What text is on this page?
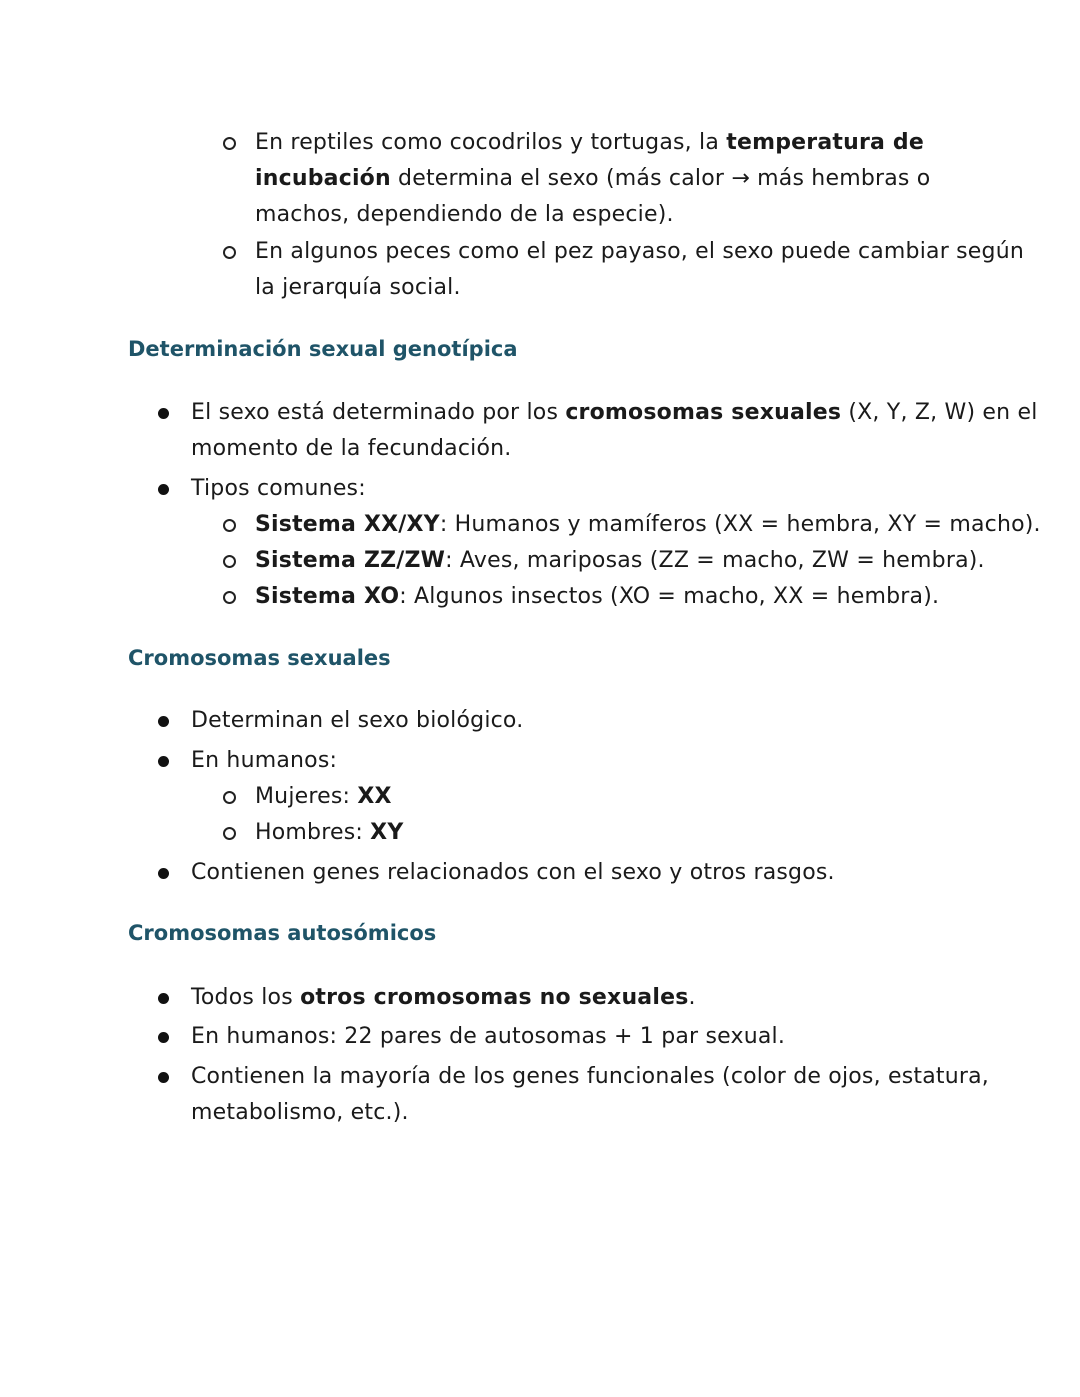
En reptiles como cocodrilos y tortugas, la temperatura de
incubación determina el sexo (más calor → más hembras o
machos, dependiendo de la especie).
En algunos peces como el pez payaso, el sexo puede cambiar según
la jerarquía social.
Determinación sexual genotípica
El sexo está determinado por los cromosomas sexuales (X, Y, Z, W) en el
momento de la fecundación.
Tipos comunes:
Sistema XX/XY: Humanos y mamíferos (XX = hembra, XY = macho).
Sistema ZZ/ZW: Aves, mariposas (ZZ = macho, ZW = hembra).
Sistema XO: Algunos insectos (XO = macho, XX = hembra).
Cromosomas sexuales
Determinan el sexo biológico.
En humanos:
Mujeres: XX
Hombres: XY
Contienen genes relacionados con el sexo y otros rasgos.
Cromosomas autosómicos
Todos los otros cromosomas no sexuales.
En humanos: 22 pares de autosomas + 1 par sexual.
Contienen la mayoría de los genes funcionales (color de ojos, estatura,
metabolismo, etc.).
